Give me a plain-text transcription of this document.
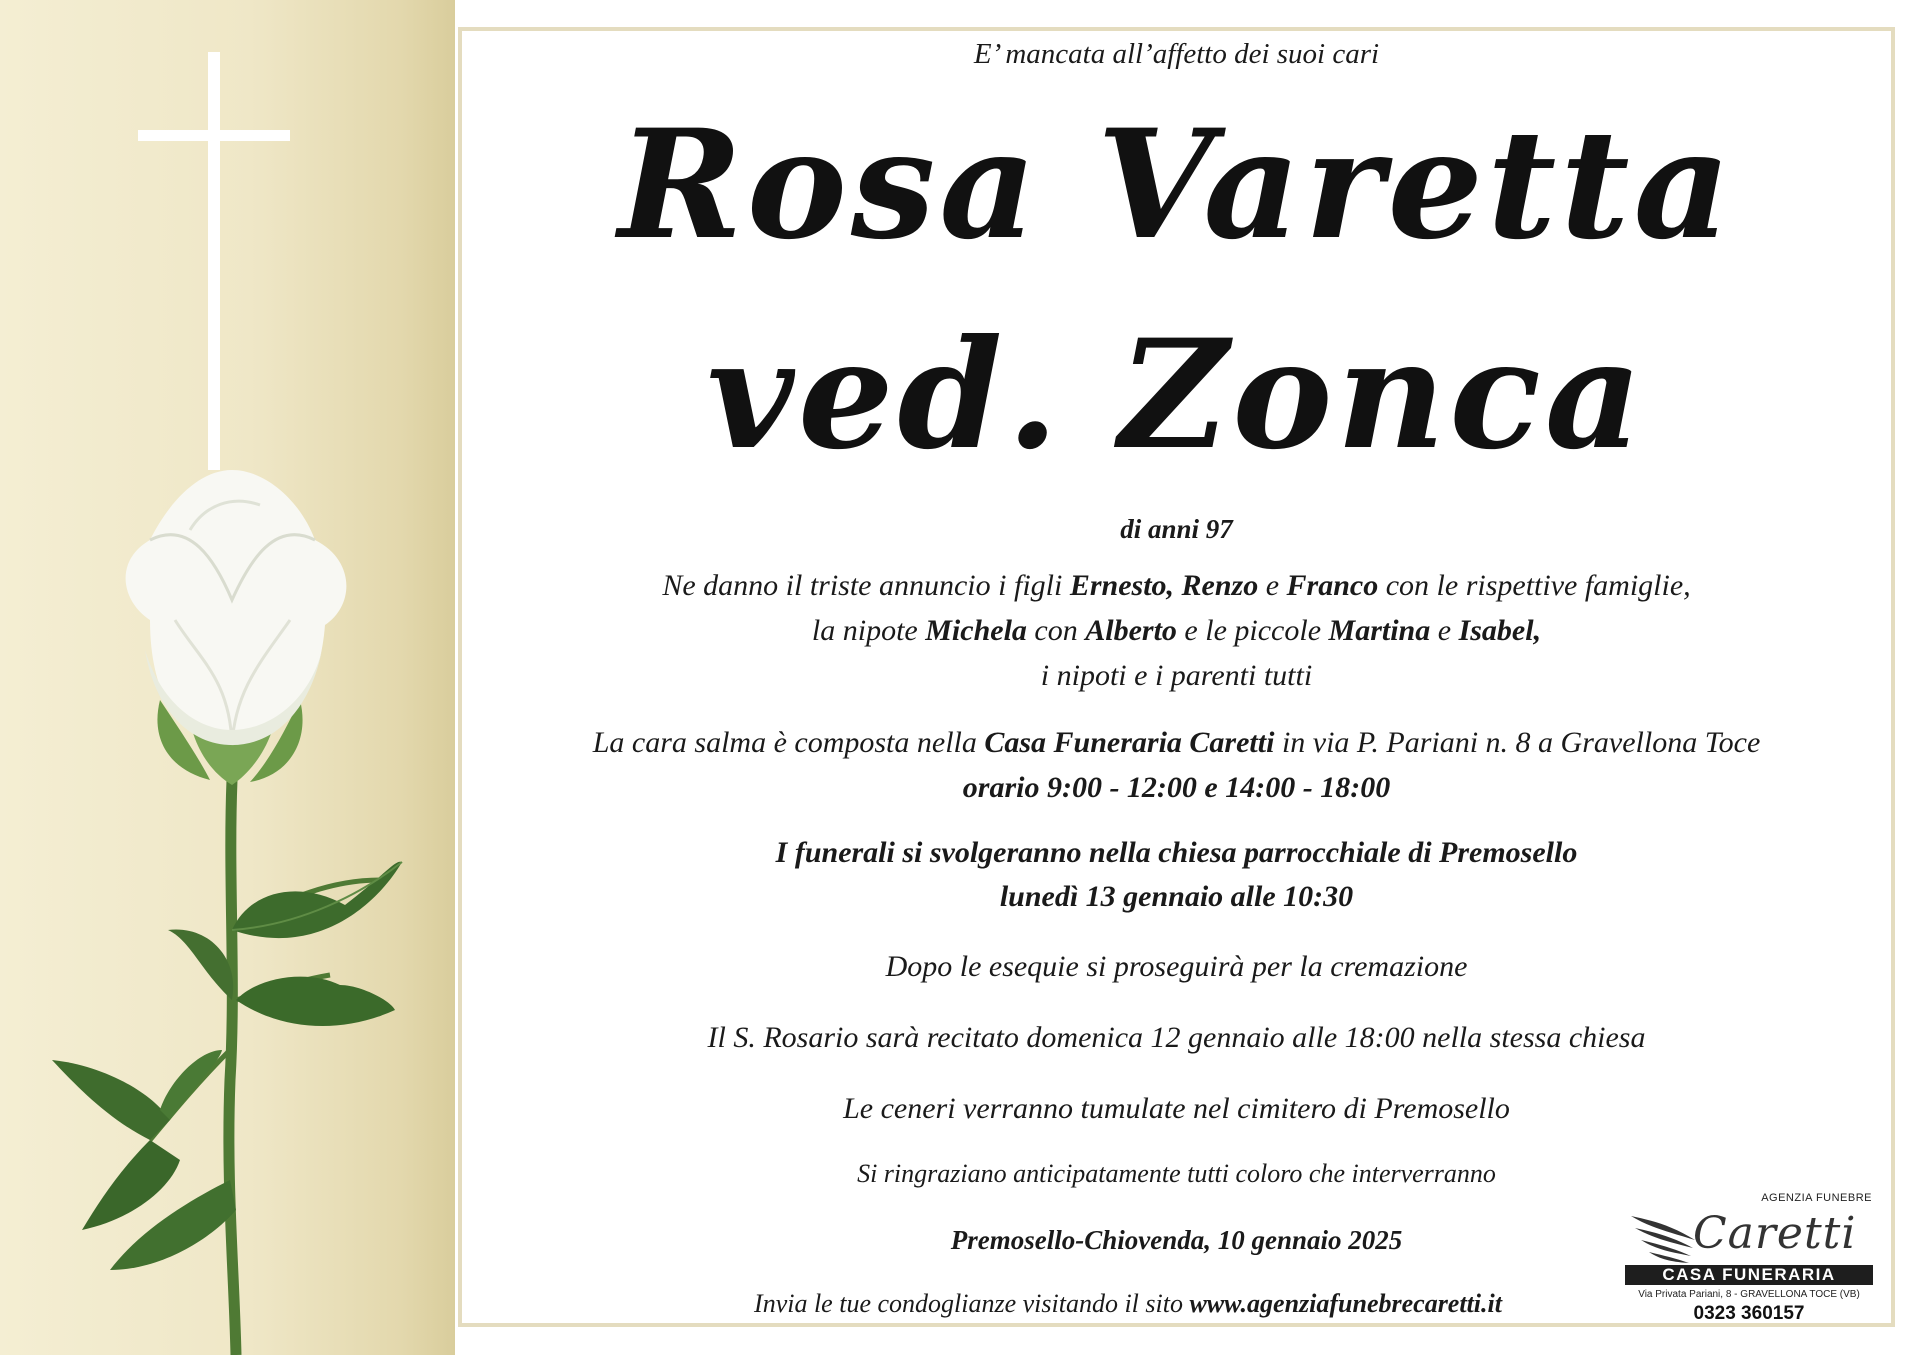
E’ mancata all’affetto dei suoi cari
Rosa Varetta
ved. Zonca
di anni 97
Ne danno il triste annuncio i figli Ernesto, Renzo e Franco con le rispettive famiglie,
la nipote Michela con Alberto e le piccole Martina e Isabel,
i nipoti e i parenti tutti
La cara salma è composta nella Casa Funeraria Caretti in via P. Pariani n. 8 a Gravellona Toce
orario 9:00 - 12:00 e 14:00 - 18:00
I funerali si svolgeranno nella chiesa parrocchiale di Premosello
lunedì 13 gennaio alle 10:30
Dopo le esequie si proseguirà per la cremazione
Il S. Rosario sarà recitato domenica 12 gennaio alle 18:00 nella stessa chiesa
Le ceneri verranno tumulate nel cimitero di Premosello
Si ringraziano anticipatamente tutti coloro che interverranno
Premosello-Chiovenda, 10 gennaio 2025
Invia le tue condoglianze visitando il sito www.agenziafunebrecaretti.it
AGENZIA FUNEBRE
Caretti
CASA FUNERARIA
Via Privata Pariani, 8 - GRAVELLONA TOCE (VB)
0323 360157
